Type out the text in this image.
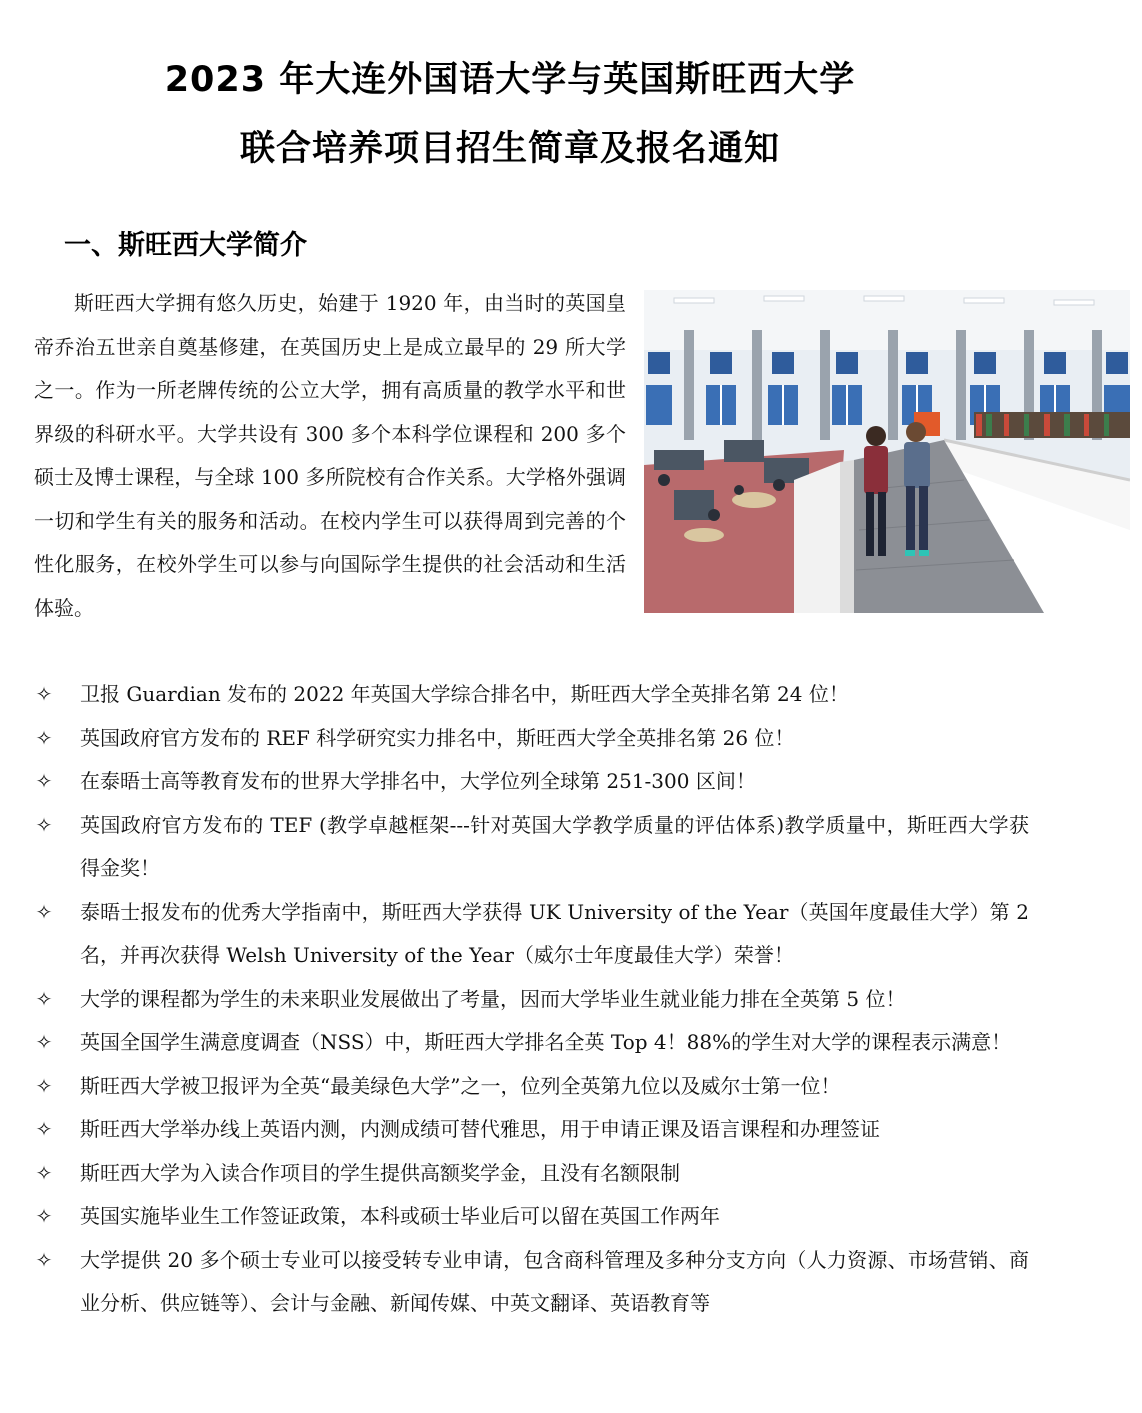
2023 年大连外国语大学与英国斯旺西大学
联合培养项目招生简章及报名通知
一、斯旺西大学简介

斯旺西大学拥有悠久历史，始建于 1920 年，由当时的英国皇帝乔治五世亲自奠基修建，在英国历史上是成立最早的 29 所大学之一。作为一所老牌传统的公立大学，拥有高质量的教学水平和世界级的科研水平。大学共设有 300 多个本科学位课程和 200 多个硕士及博士课程，与全球 100 多所院校有合作关系。大学格外强调一切和学生有关的服务和活动。在校内学生可以获得周到完善的个性化服务，在校外学生可以参与向国际学生提供的社会活动和生活体验。

✧ 卫报 Guardian 发布的 2022 年英国大学综合排名中，斯旺西大学全英排名第 24 位！
✧ 英国政府官方发布的 REF 科学研究实力排名中，斯旺西大学全英排名第 26 位！
✧ 在泰晤士高等教育发布的世界大学排名中，大学位列全球第 251-300 区间！
✧ 英国政府官方发布的 TEF (教学卓越框架---针对英国大学教学质量的评估体系)教学质量中，斯旺西大学获得金奖！
✧ 泰晤士报发布的优秀大学指南中，斯旺西大学获得 UK University of the Year（英国年度最佳大学）第 2 名，并再次获得 Welsh University of the Year（威尔士年度最佳大学）荣誉！
✧ 大学的课程都为学生的未来职业发展做出了考量，因而大学毕业生就业能力排在全英第 5 位！
✧ 英国全国学生满意度调查（NSS）中，斯旺西大学排名全英 Top 4！88%的学生对大学的课程表示满意！
✧ 斯旺西大学被卫报评为全英“最美绿色大学”之一，位列全英第九位以及威尔士第一位！
✧ 斯旺西大学举办线上英语内测，内测成绩可替代雅思，用于申请正课及语言课程和办理签证
✧ 斯旺西大学为入读合作项目的学生提供高额奖学金，且没有名额限制
✧ 英国实施毕业生工作签证政策，本科或硕士毕业后可以留在英国工作两年
✧ 大学提供 20 多个硕士专业可以接受转专业申请，包含商科管理及多种分支方向（人力资源、市场营销、商业分析、供应链等）、会计与金融、新闻传媒、中英文翻译、英语教育等
